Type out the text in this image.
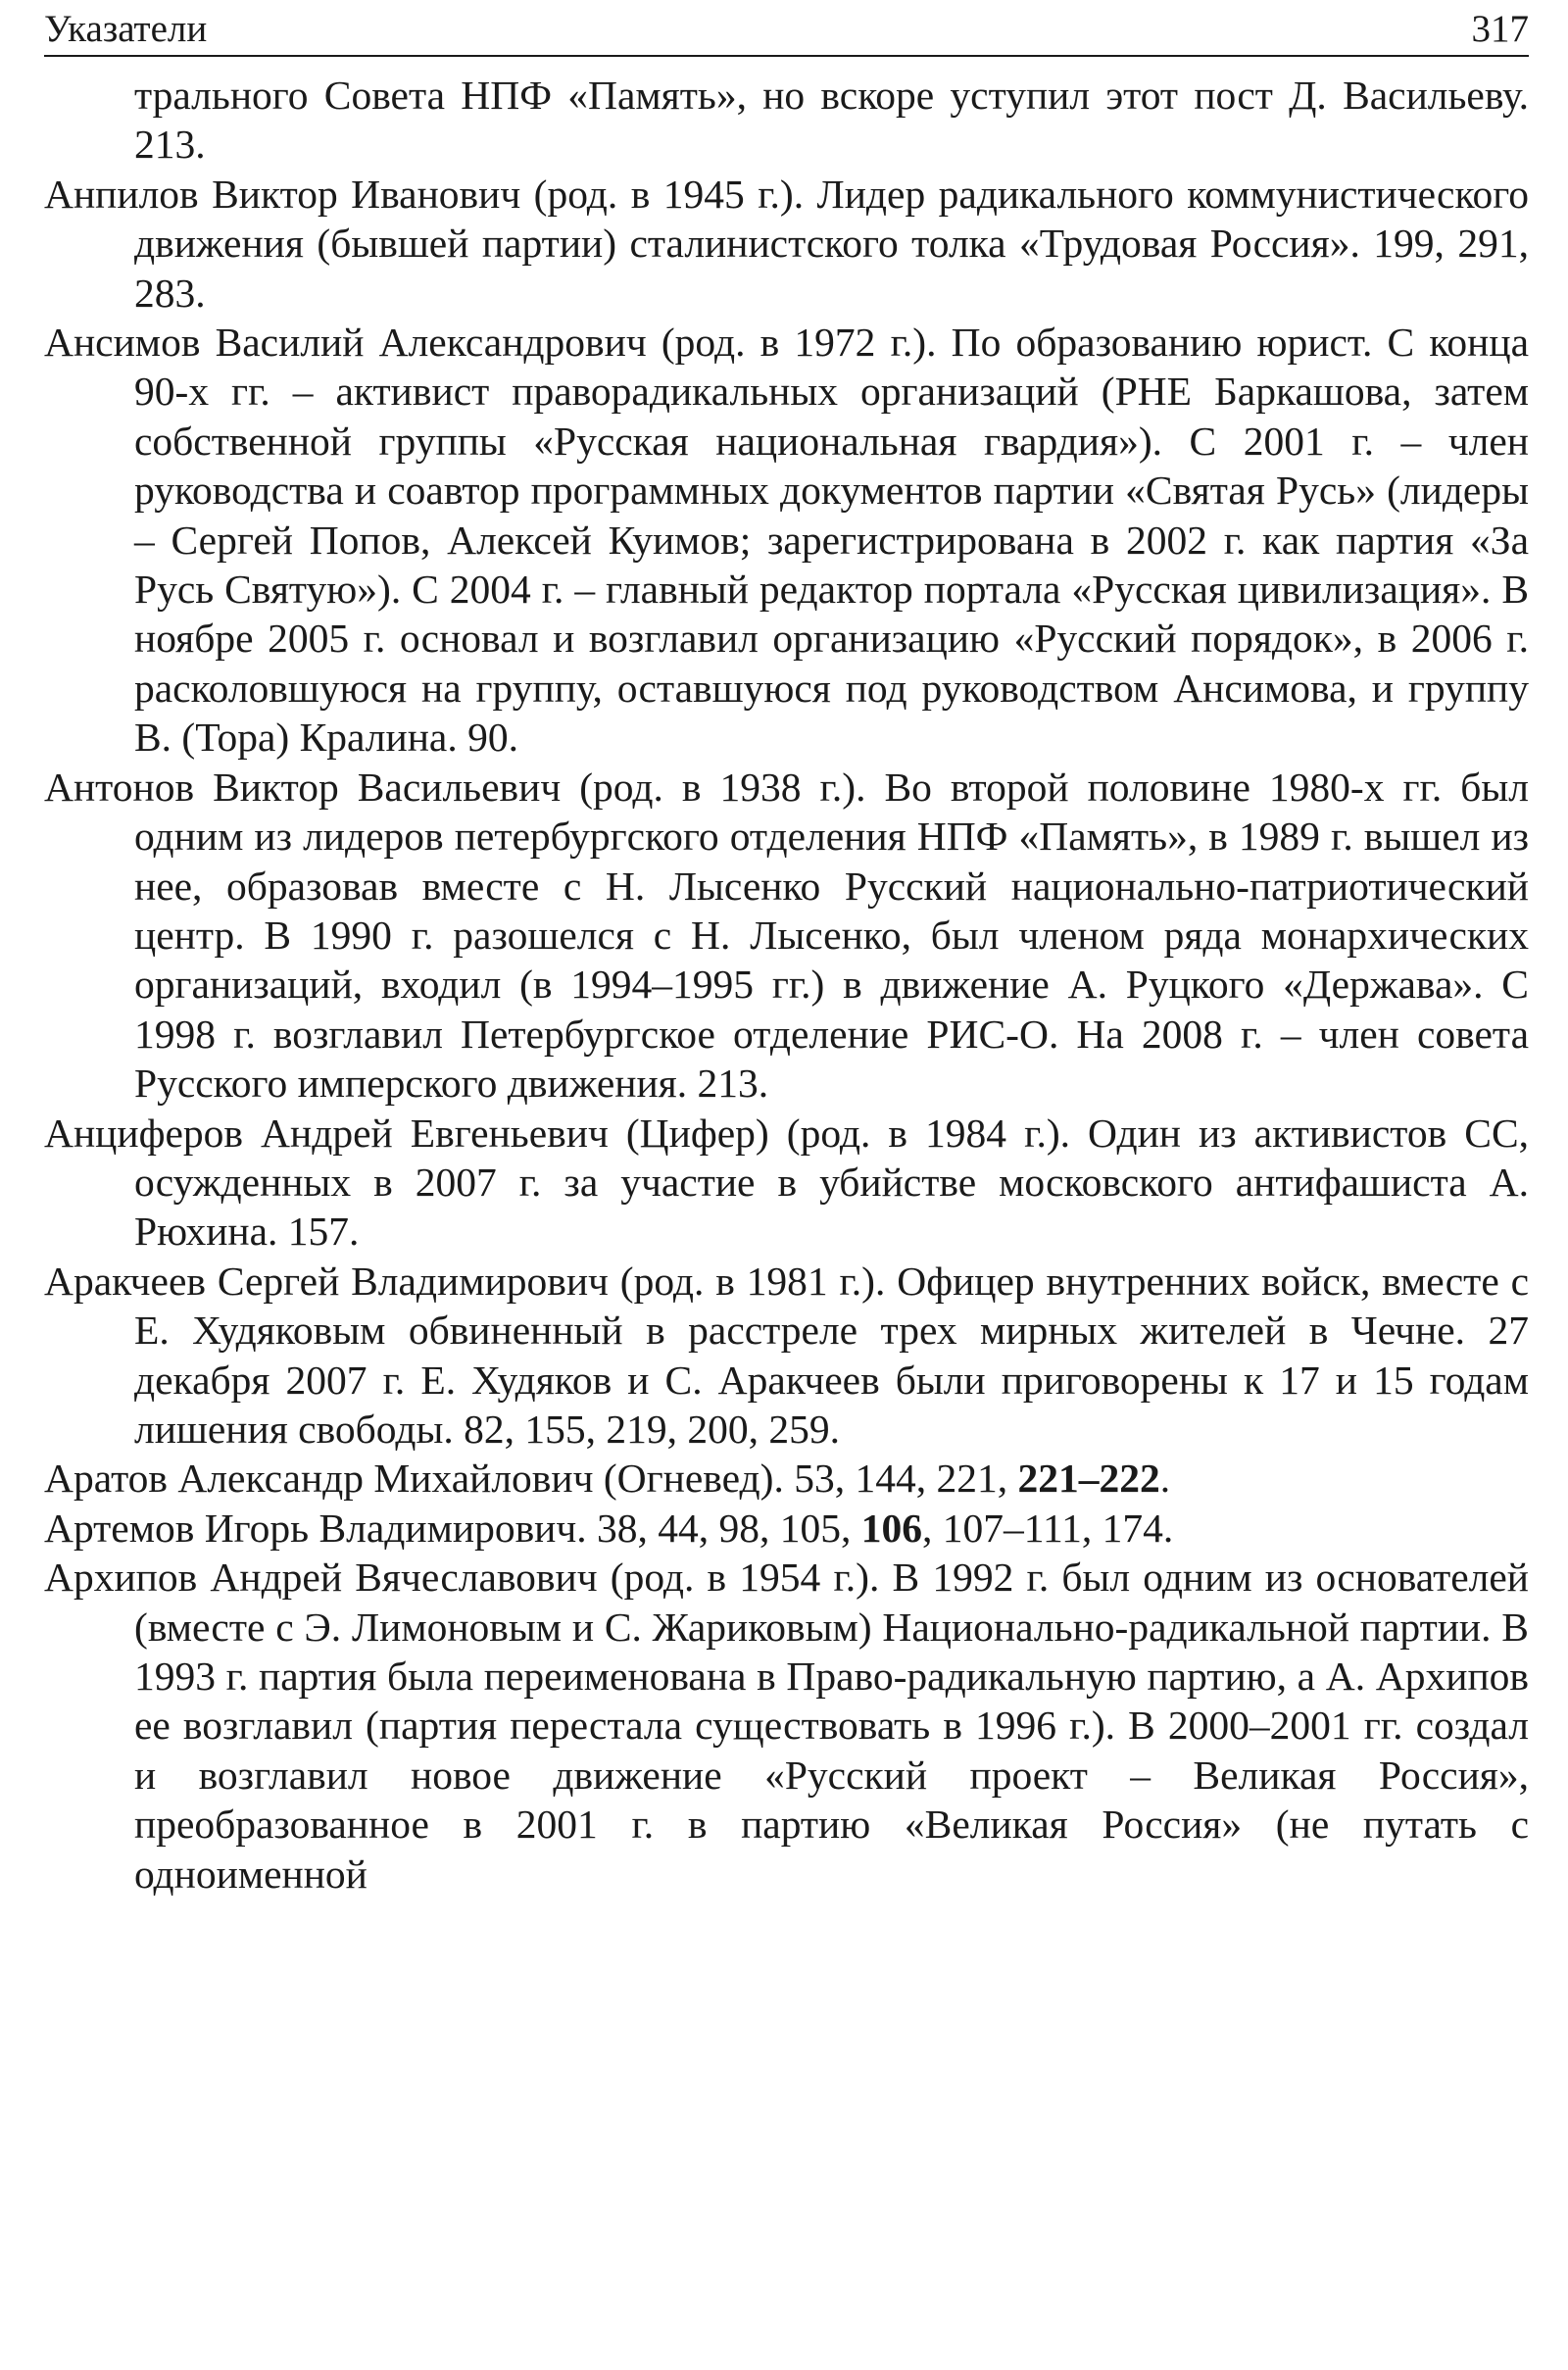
Указатели	317

трального Совета НПФ «Память», но вскоре уступил этот пост Д. Васильеву. 213.

Анпилов Виктор Иванович (род. в 1945 г.). Лидер радикального коммунистического движения (бывшей партии) сталинистского толка «Трудовая Россия». 199, 291, 283.

Ансимов Василий Александрович (род. в 1972 г.). По образованию юрист. С конца 90-х гг. – активист праворадикальных организаций (РНЕ Баркашова, затем собственной группы «Русская национальная гвардия»). С 2001 г. – член руководства и соавтор программных документов партии «Святая Русь» (лидеры – Сергей Попов, Алексей Куимов; зарегистрирована в 2002 г. как партия «За Русь Святую»). С 2004 г. – главный редактор портала «Русская цивилизация». В ноябре 2005 г. основал и возглавил организацию «Русский порядок», в 2006 г. расколовшуюся на группу, оставшуюся под руководством Ансимова, и группу В. (Тора) Кралина. 90.

Антонов Виктор Васильевич (род. в 1938 г.). Во второй половине 1980-х гг. был одним из лидеров петербургского отделения НПФ «Память», в 1989 г. вышел из нее, образовав вместе с Н. Лысенко Русский национально-патриотический центр. В 1990 г. разошелся с Н. Лысенко, был членом ряда монархических организаций, входил (в 1994–1995 гг.) в движение А. Руцкого «Держава». С 1998 г. возглавил Петербургское отделение РИС-О. На 2008 г. – член совета Русского имперского движения. 213.

Анциферов Андрей Евгеньевич (Цифер) (род. в 1984 г.). Один из активистов СС, осужденных в 2007 г. за участие в убийстве московского антифашиста А. Рюхина. 157.

Аракчеев Сергей Владимирович (род. в 1981 г.). Офицер внутренних войск, вместе с Е. Худяковым обвиненный в расстреле трех мирных жителей в Чечне. 27 декабря 2007 г. Е. Худяков и С. Аракчеев были приговорены к 17 и 15 годам лишения свободы. 82, 155, 219, 200, 259.

Аратов Александр Михайлович (Огневед). 53, 144, 221, 221–222.

Артемов Игорь Владимирович. 38, 44, 98, 105, 106, 107–111, 174.

Архипов Андрей Вячеславович (род. в 1954 г.). В 1992 г. был одним из основателей (вместе с Э. Лимоновым и С. Жариковым) Национально-радикальной партии. В 1993 г. партия была переименована в Право-радикальную партию, а А. Архипов ее возглавил (партия перестала существовать в 1996 г.). В 2000–2001 гг. создал и возглавил новое движение «Русский проект – Великая Россия», преобразованное в 2001 г. в партию «Великая Россия» (не путать с одноименной
